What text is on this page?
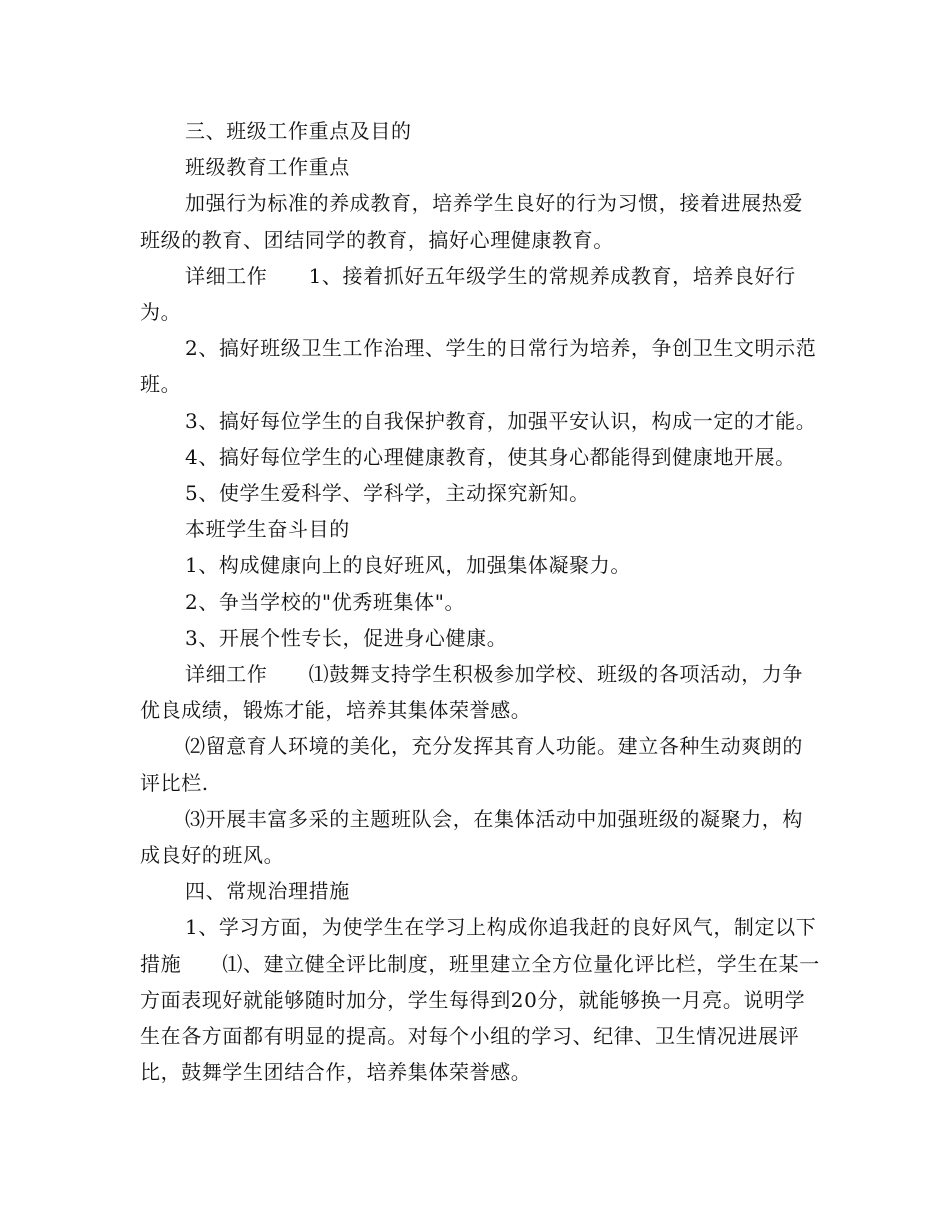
三、班级工作重点及目的

班级教育工作重点

加强行为标准的养成教育，培养学生良好的行为习惯，接着进展热爱班级的教育、团结同学的教育，搞好心理健康教育。

详细工作　　1、接着抓好五年级学生的常规养成教育，培养良好行为。

2、搞好班级卫生工作治理、学生的日常行为培养，争创卫生文明示范班。

3、搞好每位学生的自我保护教育，加强平安认识，构成一定的才能。

4、搞好每位学生的心理健康教育，使其身心都能得到健康地开展。

5、使学生爱科学、学科学，主动探究新知。

本班学生奋斗目的

1、构成健康向上的良好班风，加强集体凝聚力。

2、争当学校的"优秀班集体"。

3、开展个性专长，促进身心健康。

详细工作　　⑴鼓舞支持学生积极参加学校、班级的各项活动，力争优良成绩，锻炼才能，培养其集体荣誉感。

⑵留意育人环境的美化，充分发挥其育人功能。建立各种生动爽朗的评比栏.

⑶开展丰富多采的主题班队会，在集体活动中加强班级的凝聚力，构成良好的班风。

四、常规治理措施

1、学习方面，为使学生在学习上构成你追我赶的良好风气，制定以下措施　　⑴、建立健全评比制度，班里建立全方位量化评比栏，学生在某一方面表现好就能够随时加分，学生每得到20分，就能够换一月亮。说明学生在各方面都有明显的提高。对每个小组的学习、纪律、卫生情况进展评比，鼓舞学生团结合作，培养集体荣誉感。
